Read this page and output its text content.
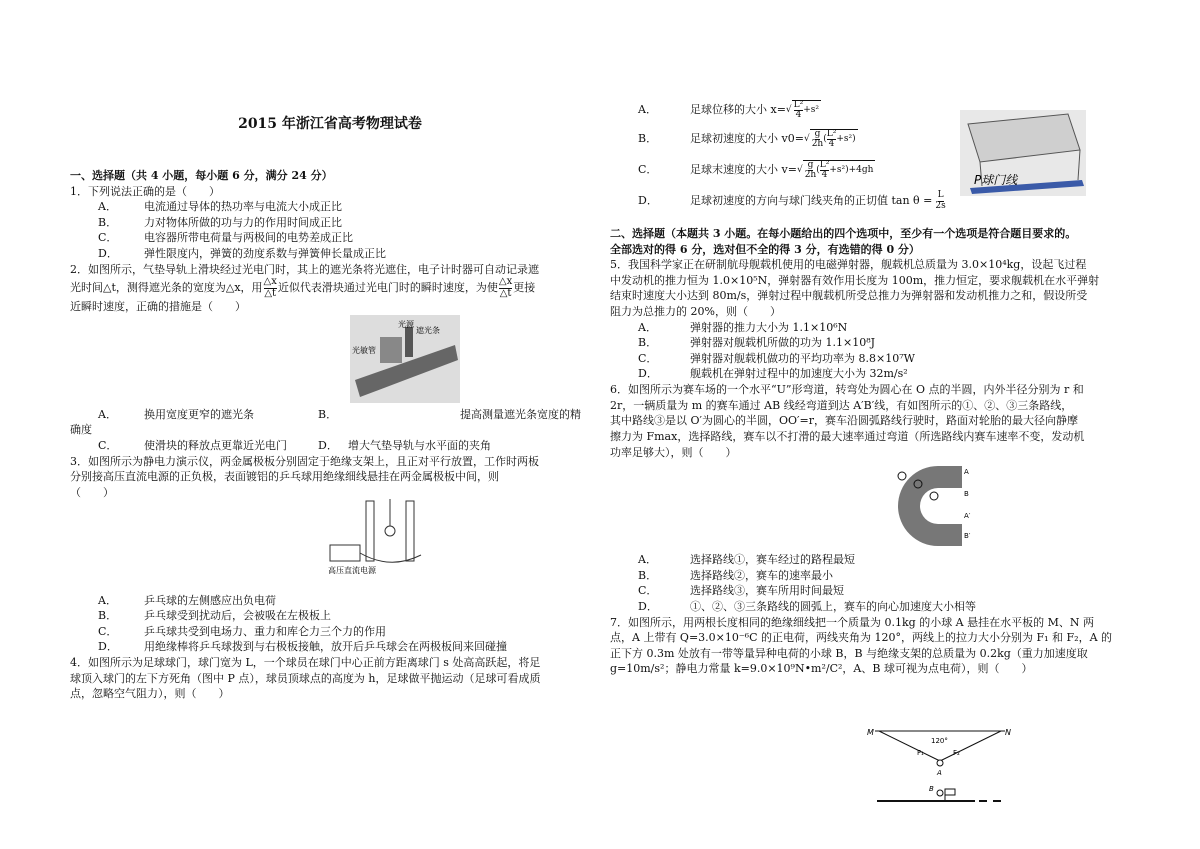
2015 年浙江省高考物理试卷

一、选择题（共 4 小题，每小题 6 分，满分 24 分）

1．下列说法正确的是（　　）

A． 电流通过导体的热功率与电流大小成正比
B． 力对物体所做的功与力的作用时间成正比
C． 电容器所带电荷量与两极间的电势差成正比
D． 弹性限度内，弹簧的劲度系数与弹簧伸长量成正比

2．如图所示，气垫导轨上滑块经过光电门时，其上的遮光条将光遮住，电子计时器可自动记录遮

光时间△t，测得遮光条的宽度为△x，用 △x
△t 近似代表滑块通过光电门时的瞬时速度，为使 △x
△t 更接

近瞬时速度，正确的措施是（　　）

光源
遮光条
光敏管
A．	换用宽度更窄的遮光条	B．	提高测量遮光条宽度的精

确度

C．	使滑块的释放点更靠近光电门	D． 增大气垫导轨与水平面的夹角

3．如图所示为静电力演示仪，两金属极板分别固定于绝缘支架上，且正对平行放置，工作时两板

分别接高压直流电源的正负极，表面镀铝的乒乓球用绝缘细线悬挂在两金属极板中间，则

（　　）

高压直流电源
A． 乒乓球的左侧感应出负电荷
B． 乒乓球受到扰动后，会被吸在左极板上
C． 乒乓球共受到电场力、重力和库仑力三个力的作用
D． 用绝缘棒将乒乓球拨到与右极板接触，放开后乒乓球会在两极板间来回碰撞

4．如图所示为足球球门，球门宽为 L，一个球员在球门中心正前方距离球门 s 处高高跃起，将足

球顶入球门的左下方死角（图中 P 点），球员顶球点的高度为 h，足球做平抛运动（足球可看成质

点，忽略空气阻力），则（　　）

A．	足球位移的大小 x= √ L²
4 +s²
B．	足球初速度的大小 v0= √ g
2h (
L²
4 +s²)
C．	足球末速度的大小 v= √ g
2h (
L²
4 +s²)+4gh
D．	足球初速度的方向与球门线夹角的正切值 $\tan \theta = \frac{L}{2s}$
P球门线

二、选择题（本题共 3 小题。在每小题给出的四个选项中，至少有一个选项是符合题目要求的。

全部选对的得 6 分，选对但不全的得 3 分，有选错的得 0 分）

5．我国科学家正在研制航母舰载机使用的电磁弹射器，舰载机总质量为 3.0×10⁴kg，设起飞过程

中发动机的推力恒为 1.0×10⁵N，弹射器有效作用长度为 100m，推力恒定，要求舰载机在水平弹射

结束时速度大小达到 80m/s，弹射过程中舰载机所受总推力为弹射器和发动机推力之和，假设所受

阻力为总推力的 20%，则（　　）

A．	弹射器的推力大小为 1.1×10⁶N
B．	弹射器对舰载机所做的功为 1.1×10⁸J
C．	弹射器对舰载机做功的平均功率为 8.8×10⁷W
D．	舰载机在弹射过程中的加速度大小为 32m/s²

6．如图所示为赛车场的一个水平“U”形弯道，转弯处为圆心在 O 点的半圆，内外半径分别为 r 和

2r，一辆质量为 m 的赛车通过 AB 线经弯道到达 A′B′线，有如图所示的①、②、③三条路线，

其中路线③是以 O′为圆心的半圆，OO′=r，赛车沿圆弧路线行驶时，路面对轮胎的最大径向静摩

擦力为 Fmax，选择路线，赛车以不打滑的最大速率通过弯道（所选路线内赛车速率不变，发动机

功率足够大），则（　　）

A
B
A′
B′
A．	选择路线①，赛车经过的路程最短
B．	选择路线②，赛车的速率最小
C．	选择路线③，赛车所用时间最短
D．	①、②、③三条路线的圆弧上，赛车的向心加速度大小相等

7．如图所示，用两根长度相同的绝缘细线把一个质量为 0.1kg 的小球 A 悬挂在水平板的 M、N 两

点，A 上带有 Q=3.0×10⁻⁶C 的正电荷，两线夹角为 120°，两线上的拉力大小分别为 F₁ 和 F₂，A 的

正下方 0.3m 处放有一带等量异种电荷的小球 B，B 与绝缘支架的总质量为 0.2kg（重力加速度取

g=10m/s²；静电力常量 k=9.0×10⁹N•m²/C²，A、B 球可视为点电荷），则（　　）

M	N
120°
F₁	F₂
A
B
